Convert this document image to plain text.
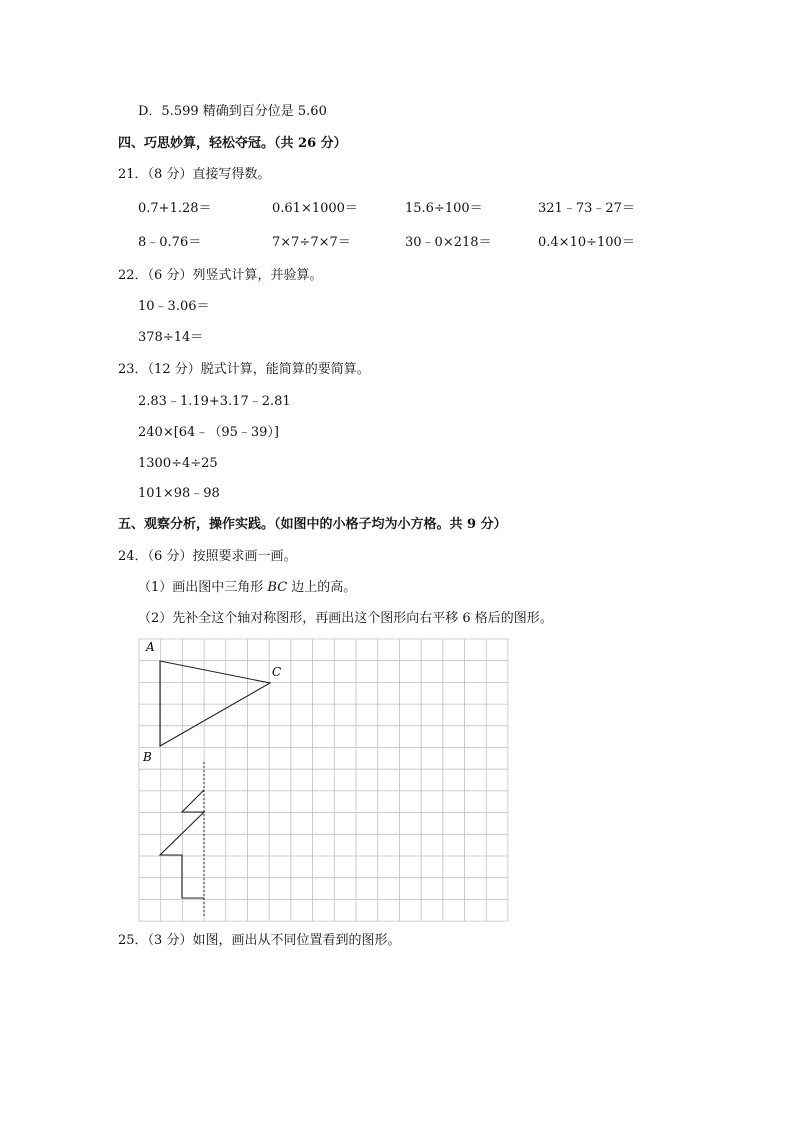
D．5.599 精确到百分位是 5.60
四、巧思妙算，轻松夺冠。（共 26 分）
21．（8 分）直接写得数。
0.7+1.28＝	0.61×1000＝	15.6÷100＝	321﹣73﹣27＝
8﹣0.76＝	7×7÷7×7＝	30﹣0×218＝	0.4×10÷100＝
22．（6 分）列竖式计算，并验算。
10﹣3.06＝
378÷14＝
23．（12 分）脱式计算，能简算的要简算。
2.83﹣1.19+3.17﹣2.81
240×[64﹣（95﹣39）]
1300÷4÷25
101×98﹣98
五、观察分析，操作实践。（如图中的小格子均为小方格。共 9 分）
24．（6 分）按照要求画一画。
（1）画出图中三角形 BC 边上的高。
（2）先补全这个轴对称图形，再画出这个图形向右平移 6 格后的图形。
A
B
C
25．（3 分）如图，画出从不同位置看到的图形。
